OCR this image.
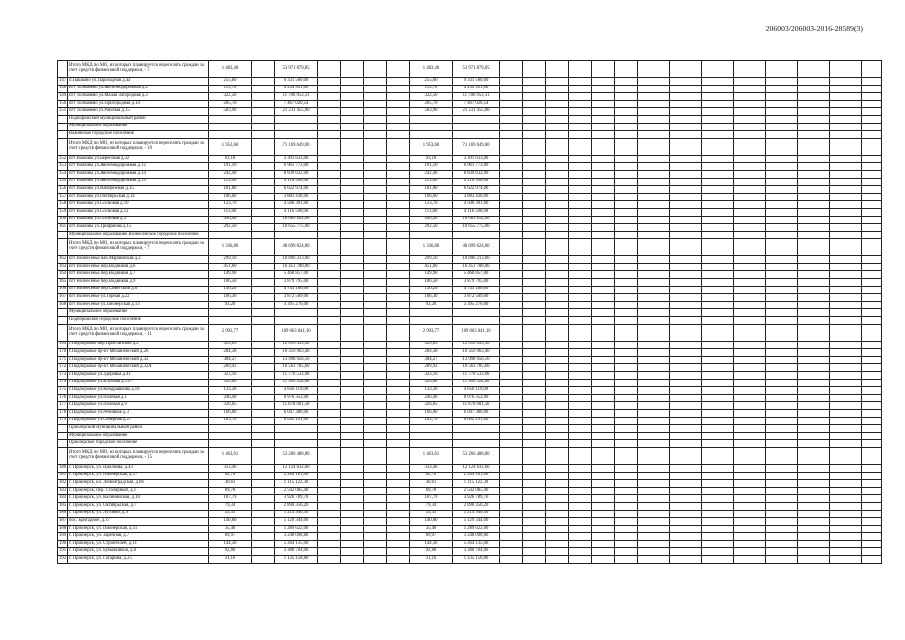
206003/206003-2016-28589(3)
	Итого МКД по МО, из которых планируется переселять граждан за счет средств финансовой поддержки, - 7	1 483,40		53 971 879,85					1 483,40	53 971 879,85														
147	п.Пашково ул.Пароходная д.4а	255,60		9 331 500,00					255,60	9 331 500,00														
148	пгт Толмачево ул.Железнодорожная д.2	115,70		4 234 951,00					115,70	4 234 951,00														
149	пгт Толмачево ул.Малая Загородная д.3	322,50		11 706 953,31					322,50	11 706 953,31														
150	пгт Толмачево ул.Пригородная д.14	205,70		7 467 020,54					205,70	7 467 020,54														
151	пгт Толмачево ул.Рабочая д.15	583,90		21 231 455,00					583,90	21 231 455,00														
	Подпорожский муниципальный район																							
	Муниципальное образование																							
	Важинское городское поселение																							
	Итого МКД по МО, из которых планируется переселять граждан за счет средств финансовой поддержки, - 10	1 953,60		71 169 649,00					1 953,60	71 169 649,00														
152	пгт Важины ул.Береговая д.32	93,10		3 391 633,00					93,10	3 391 633,00														
153	пгт Важины ул.Железнодорожная д.12	191,10		6 961 773,00					191,10	6 961 773,00														
154	пгт Важины ул.Железнодорожная д.14	242,40		8 839 632,00					242,40	8 839 632,00														
155	пгт Важины ул.Железнодорожная д.19	113,00		4 116 590,00					113,00	4 116 590,00														
156	пгт Важины ул.Набережная д.15	181,80		6 622 974,00					181,80	6 622 974,00														
157	пгт Важины ул.Октябрьская д.14	106,60		3 883 438,00					106,60	3 883 438,00														
158	пгт Важины ул.Сосновая д.10	123,70		4 506 391,00					123,70	4 506 391,00														
159	пгт Важины ул.Сосновая д.12	113,00		4 116 590,00					113,00	4 116 590,00														
160	пгт Важины ул.Сосновая д.3	496,40		18 083 852,00					496,40	18 083 852,00														
161	пгт Важины ул.Трифанова д.15	292,50		10 655 775,00					292,50	10 655 775,00														
	Муниципальное образование Вознесенское городское поселение																							
	Итого МКД по МО, из которых планируется переселять граждан за счет средств финансовой поддержки, - 7	1 336,80		48 699 624,00					1 336,80	48 699 624,00														
162	пгт Вознесенье наб.Мариинская д.2	299,10		10 896 213,00					299,10	10 896 213,00														
163	пгт Вознесенье пер.Водников д.6	451,60		16 451 788,00					451,60	16 451 788,00														
164	пгт Вознесенье пер.Водников д.7	149,90		5 460 857,00					149,90	5 460 857,00														
165	пгт Вознесенье пер.Водников д.9	106,50		3 879 795,00					106,50	3 879 795,00														
166	пгт Вознесенье пер.Советский д.6	130,20		4 743 186,00					130,20	4 743 186,00														
167	пгт Вознесенье ул.Горная д.22	106,30		3 872 509,00					106,30	3 872 509,00														
168	пгт Вознесенье ул.Пионерская д.13	93,20		3 395 276,00					93,20	3 395 276,00														
	Муниципальное образование																							
	Подпорожское городское поселение																							
	Итого МКД по МО, из которых планируется переселять граждан за счет средств финансовой поддержки, - 11	2 993,77		109 063 041,10					2 993,77	109 063 041,10														
169	г.Подпорожье пер.Пристанской д.2	329,85		12 016 435,50					329,85	12 016 435,50														
170	г.Подпорожье пр-кт Механический д.26	284,38		10 359 963,40					284,38	10 359 963,40														
171	г.Подпорожье пр-кт Механический д.32	384,27		13 998 956,10					384,27	13 998 956,10														
172	г.Подпорожье пр-кт Механический д.32А	289,92		10 561 785,60					289,92	10 561 785,60														
173	г.Подпорожье ул.Здоровья д.41	323,10		11 770 533,00					323,10	11 770 533,00														
174	г.Подпорожье ул.Клубная д.13/7	326,80		11 905 324,00					326,80	11 905 324,00														
175	г.Подпорожье ул.Кондрашкова д.10	133,30		4 856 119,00					133,30	4 856 119,00														
176	г.Подпорожье ул.Полевая д.1	246,40		8 976 352,00					246,40	8 976 352,00														
177	г.Подпорожье ул.Полевая д.9	326,05		11 878 001,50					326,05	11 878 001,50														
178	г.Подпорожье ул.Речников д.3	166,00		6 047 380,00					166,00	6 047 380,00														
179	г.Подпорожье ул.Северная д.27	183,70		6 692 191,00					183,70	6 692 191,00														
	Приозерский муниципальный район																							
	Муниципальное образование																							
	Приозерское городское поселение																							
	Итого МКД по МО, из которых планируется переселять граждан за счет средств финансовой поддержки, - 15	1 463,61		53 266 488,80					1 463,61	53 266 488,80														
180	г. Приозерск, ул. Циолкова, д.43	333,46		12 124 632,60					333,46	12 124 632,60														
181	г. Приозерск, ул. Пионерская, д.17	62,70		2 284 161,00					62,70	2 284 161,00														
182	г. Приозерск, кл. Ленинградская, д.86	30,61		1 115 122,30					30,61	1 115 122,30														
183	г. Приозерск, пер. Столярный, д.1	69,78		2 542 085,40					69,78	2 542 085,40														
184	г. Приозерск, ул. Калининская, д.10	107,79		3 926 789,70					107,79	3 926 789,70														
185	г. Приозерск, ул. Октябрьская, д.7	79,34		2 890 356,20					79,34	2 890 356,20														
186	г. Приозерск, ул. Луговой, д.9	33,35		1 214 940,50					33,35	1 214 940,50														
187	пос. Бригадное, д.37	140,80		5 129 344,00					140,80	5 129 344,00														
188	г. Приозерск, ул. Пионерская, д.11	35,40		1 289 622,00					35,40	1 289 622,00														
189	г. Приозерск, ул. Заречная, д.7	89,97		3 248 098,80					89,97	3 248 098,80														
190	г. Приозерск, ул. Строителей, д.11	144,30		5 264 135,00					144,30	5 264 135,00														
191	г. Приозерск, ул. Бумажников, д.6	92,80		3 380 704,00					92,80	3 380 704,00														
192	г. Приозерск, ул. Гагарина, д.25	31,16		1 135 158,80					31,16	1 135 158,80														
